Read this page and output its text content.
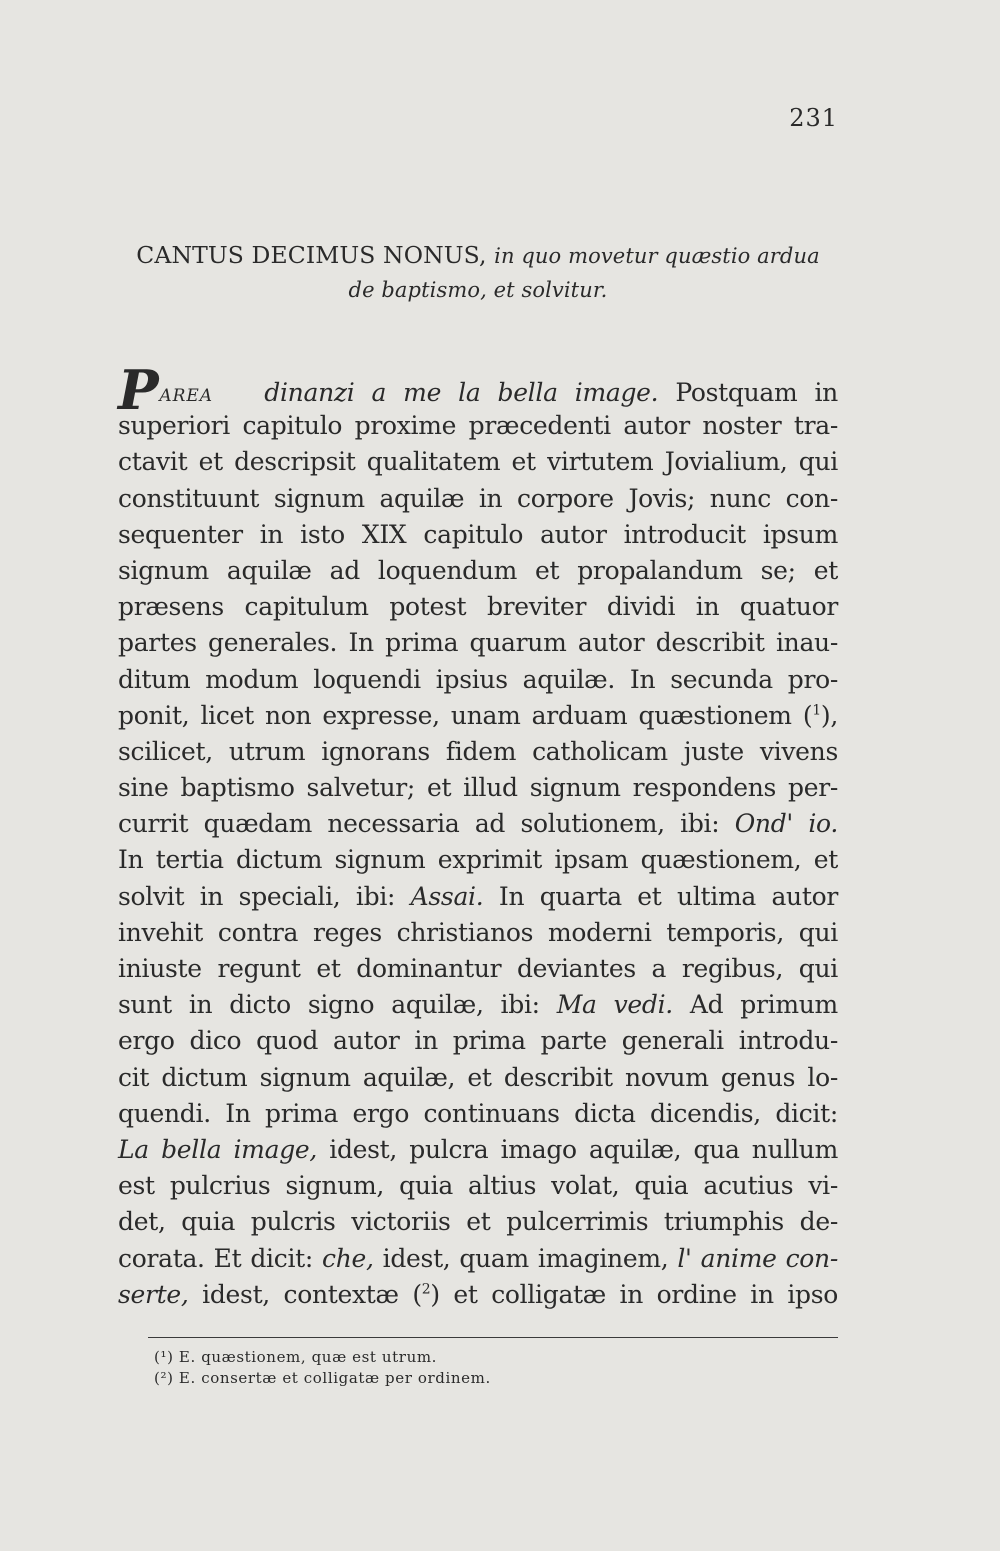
231
CANTUS DECIMUS NONUS, in quo movetur quæstio ardua
de baptismo, et solvitur.
PAREA dinanzi a me la bella image. Postquam in
superiori capitulo proxime præcedenti autor noster tra-
ctavit et descripsit qualitatem et virtutem Jovialium, qui
constituunt signum aquilæ in corpore Jovis; nunc con-
sequenter in isto XIX capitulo autor introducit ipsum
signum aquilæ ad loquendum et propalandum se; et
præsens capitulum potest breviter dividi in quatuor
partes generales. In prima quarum autor describit inau-
ditum modum loquendi ipsius aquilæ. In secunda pro-
ponit, licet non expresse, unam arduam quæstionem ($^1$),
scilicet, utrum ignorans fidem catholicam juste vivens
sine baptismo salvetur; et illud signum respondens per-
currit quædam necessaria ad solutionem, ibi: Ond' io.
In tertia dictum signum exprimit ipsam quæstionem, et
solvit in speciali, ibi: Assai. In quarta et ultima autor
invehit contra reges christianos moderni temporis, qui
iniuste regunt et dominantur deviantes a regibus, qui
sunt in dicto signo aquilæ, ibi: Ma vedi. Ad primum
ergo dico quod autor in prima parte generali introdu-
cit dictum signum aquilæ, et describit novum genus lo-
quendi. In prima ergo continuans dicta dicendis, dicit:
La bella image, idest, pulcra imago aquilæ, qua nullum
est pulcrius signum, quia altius volat, quia acutius vi-
det, quia pulcris victoriis et pulcerrimis triumphis de-
corata. Et dicit: che, idest, quam imaginem, l' anime con-
serte, idest, contextæ ($^2$) et colligatæ in ordine in ipso
(¹) E. quæstionem, quæ est utrum.
(²) E. consertæ et colligatæ per ordinem.
